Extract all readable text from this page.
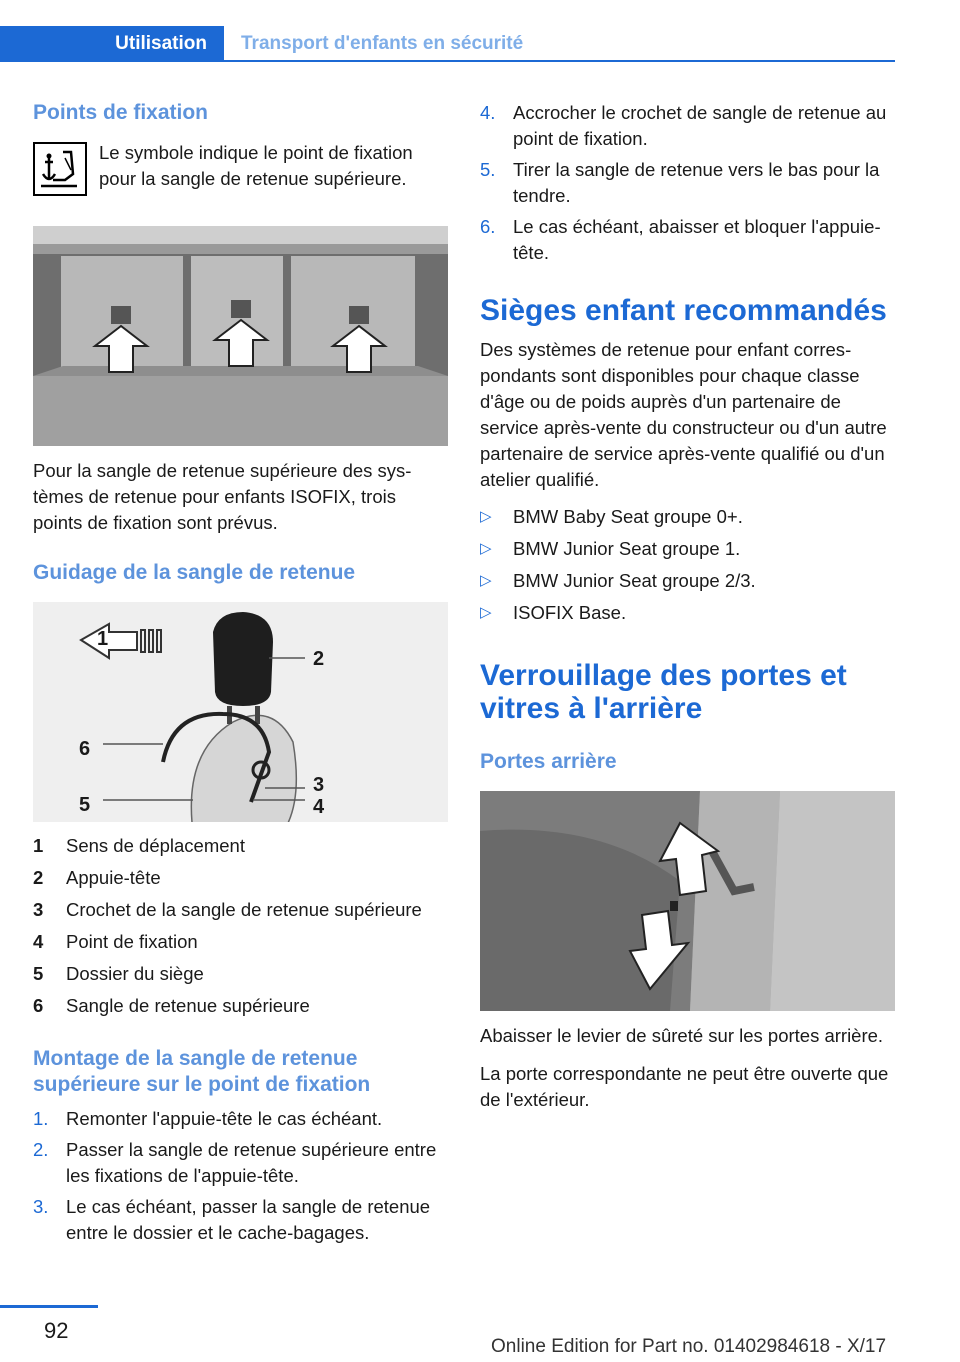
Utilisation	Transport d'enfants en sécurité
Points de fixation
Le symbole indique le point de fixation pour la sangle de retenue supérieure.

Pour la sangle de retenue supérieure des systèmes de retenue pour enfants ISOFIX, trois points de fixation sont prévus.

Guidage de la sangle de retenue
1
2
6
3
5	4
1	Sens de déplacement
2	Appuie-tête
3	Crochet de la sangle de retenue supérieure
4	Point de fixation
5	Dossier du siège
6	Sangle de retenue supérieure
Montage de la sangle de retenue supérieure sur le point de fixation
1. Remonter l'appuie-tête le cas échéant.
2. Passer la sangle de retenue supérieure entre les fixations de l'appuie-tête.
3. Le cas échéant, passer la sangle de retenue entre le dossier et le cache-bagages.
4. Accrocher le crochet de sangle de retenue au point de fixation.
5. Tirer la sangle de retenue vers le bas pour la tendre.
6. Le cas échéant, abaisser et bloquer l'appuie-tête.
Sièges enfant recommandés

Des systèmes de retenue pour enfant correspondants sont disponibles pour chaque classe d'âge ou de poids auprès d'un partenaire de service après-vente du constructeur ou d'un autre partenaire de service après-vente qualifié ou d'un atelier qualifié.

▷	BMW Baby Seat groupe 0+.
▷	BMW Junior Seat groupe 1.
▷	BMW Junior Seat groupe 2/3.
▷	ISOFIX Base.
Verrouillage des portes et vitres à l'arrière
Portes arrière

Abaisser le levier de sûreté sur les portes arrière.

La porte correspondante ne peut être ouverte que de l'extérieur.

92
Online Edition for Part no. 01402984618 - X/17
